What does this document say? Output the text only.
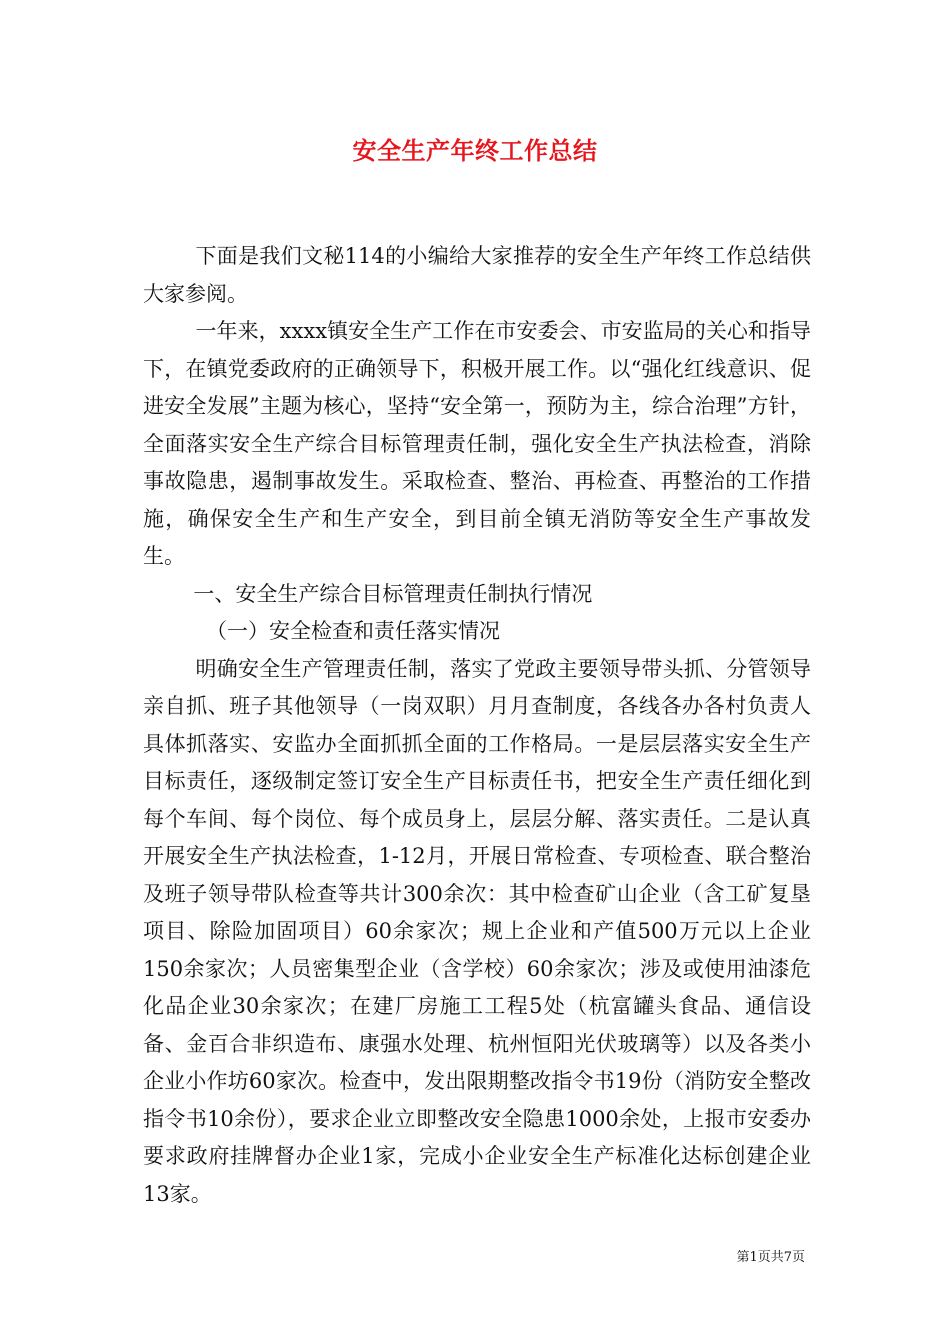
安全生产年终工作总结

下面是我们文秘114的小编给大家推荐的安全生产年终工作总结供大家参阅。

一年来，xxxx镇安全生产工作在市安委会、市安监局的关心和指导下，在镇党委政府的正确领导下，积极开展工作。以“强化红线意识、促进安全发展”主题为核心，坚持“安全第一，预防为主，综合治理”方针，全面落实安全生产综合目标管理责任制，强化安全生产执法检查，消除事故隐患，遏制事故发生。采取检查、整治、再检查、再整治的工作措施，确保安全生产和生产安全，到目前全镇无消防等安全生产事故发生。

一、安全生产综合目标管理责任制执行情况

（一）安全检查和责任落实情况

明确安全生产管理责任制，落实了党政主要领导带头抓、分管领导亲自抓、班子其他领导（一岗双职）月月查制度，各线各办各村负责人具体抓落实、安监办全面抓抓全面的工作格局。一是层层落实安全生产目标责任，逐级制定签订安全生产目标责任书，把安全生产责任细化到每个车间、每个岗位、每个成员身上，层层分解、落实责任。二是认真开展安全生产执法检查，1-12月，开展日常检查、专项检查、联合整治及班子领导带队检查等共计300余次：其中检查矿山企业（含工矿复垦项目、除险加固项目）60余家次；规上企业和产值500万元以上企业150余家次；人员密集型企业（含学校）60余家次；涉及或使用油漆危化品企业30余家次；在建厂房施工工程5处（杭富罐头食品、通信设备、金百合非织造布、康强水处理、杭州恒阳光伏玻璃等）以及各类小企业小作坊60家次。检查中，发出限期整改指令书19份（消防安全整改指令书10余份），要求企业立即整改安全隐患1000余处，上报市安委办要求政府挂牌督办企业1家，完成小企业安全生产标准化达标创建企业13家。

第1页共7页
